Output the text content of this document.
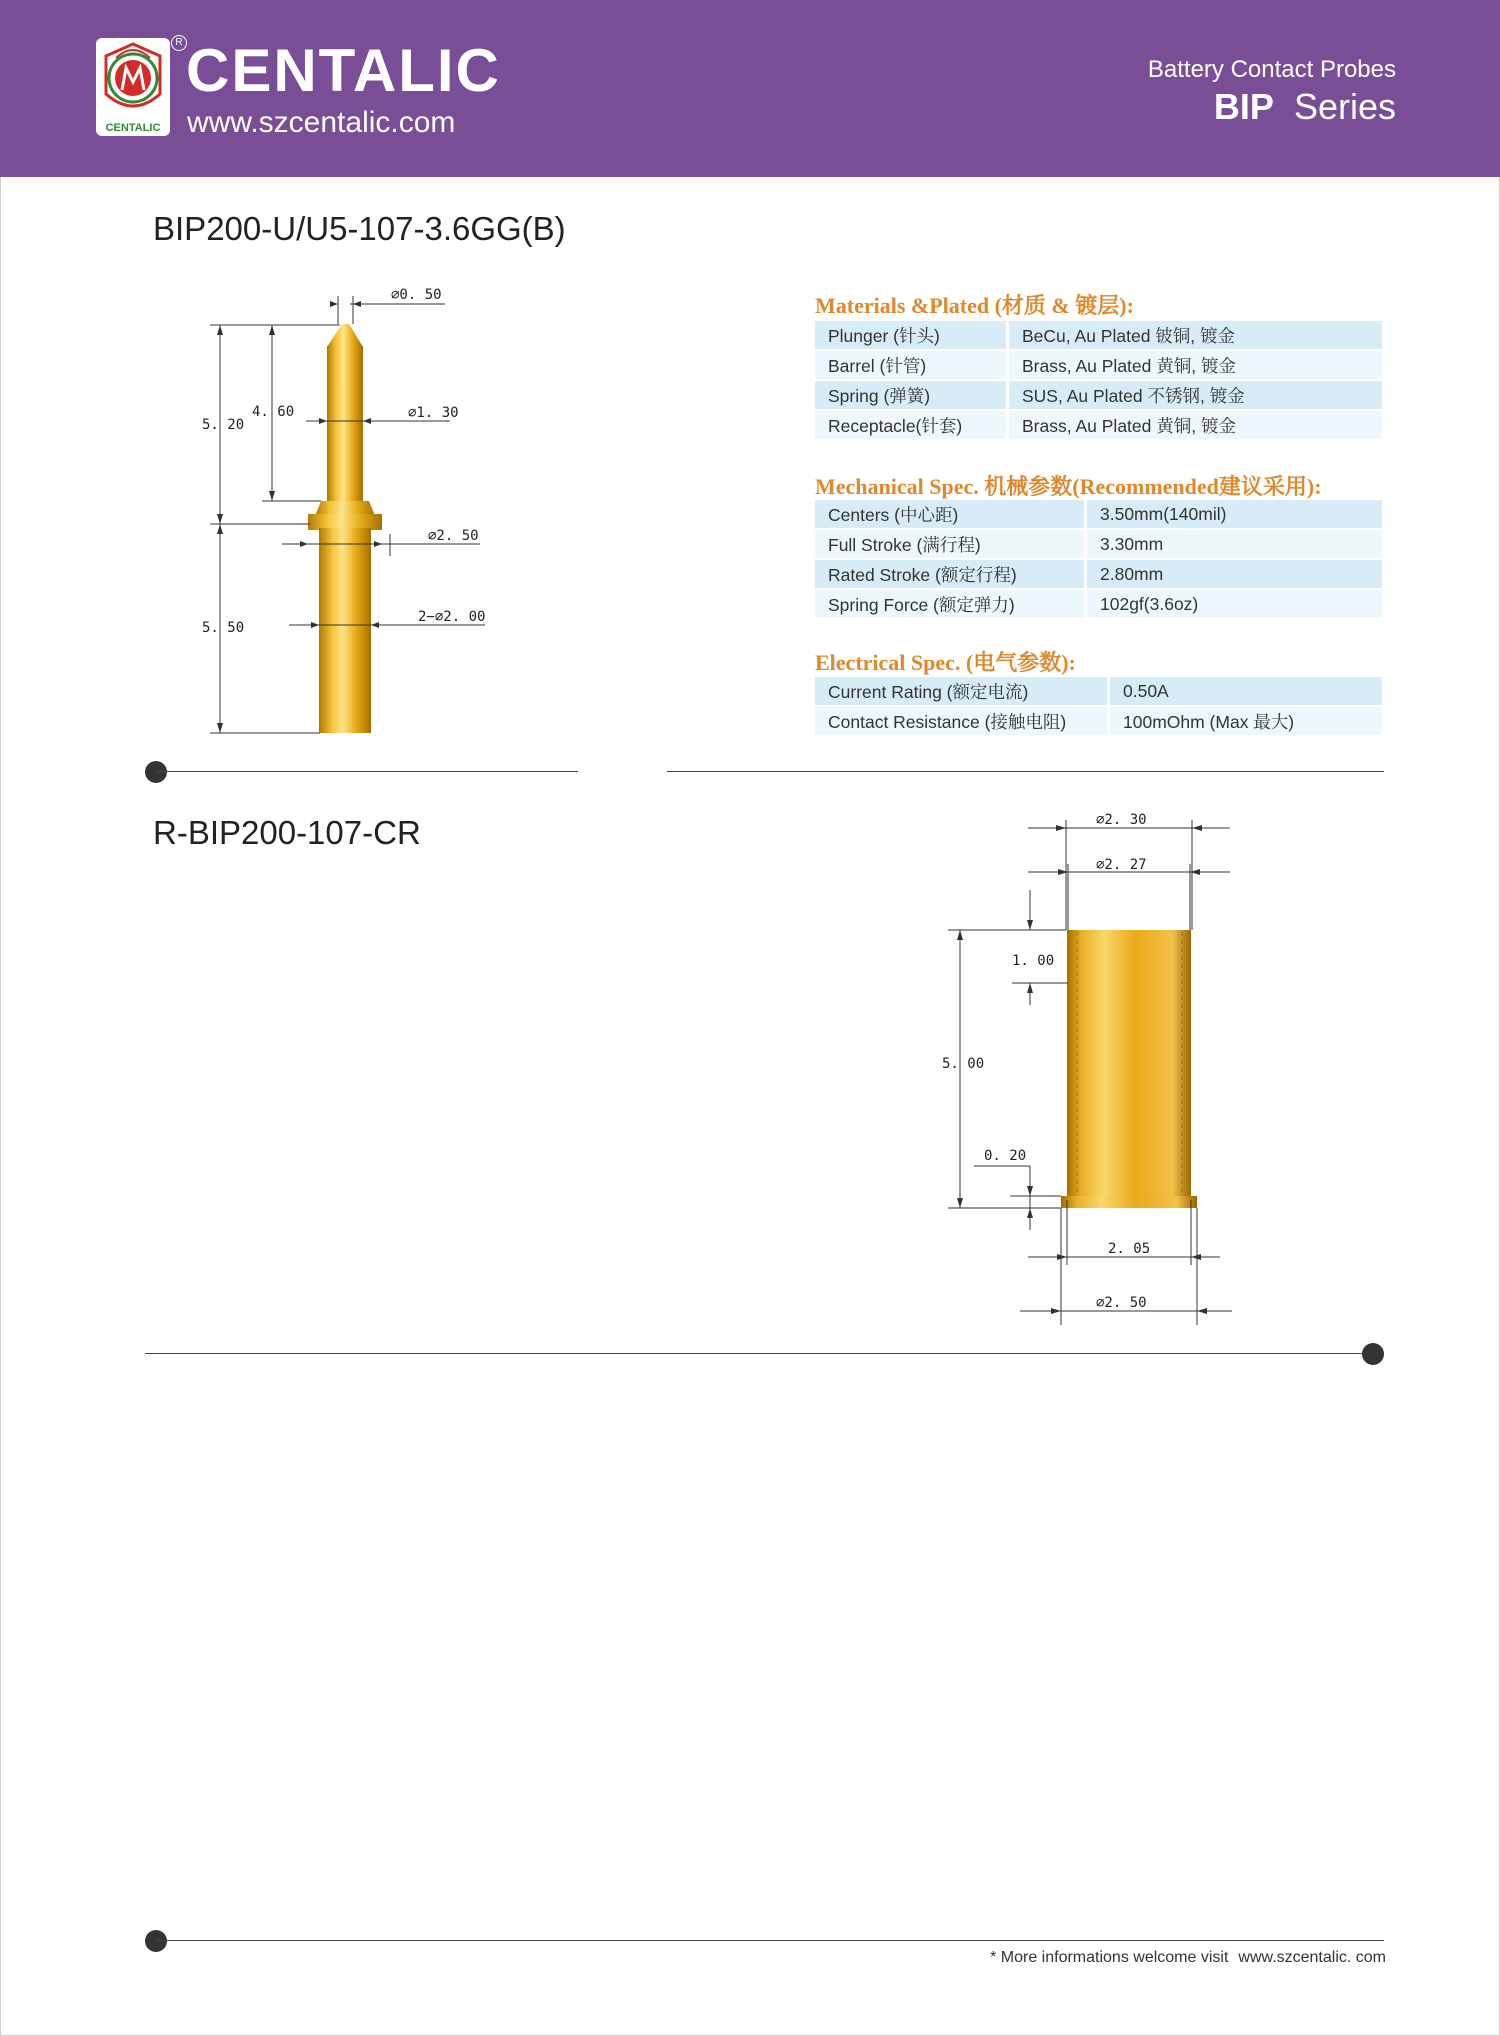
CENTALIC
R CENTALIC
www.szcentalic.com
Battery Contact Probes
BIP Series
BIP200-U/U5-107-3.6GG(B)
∅0. 50
∅1. 30
∅2. 50
2−∅2. 00
4. 60
5. 20
5. 50
Materials &Plated (材质 & 镀层):
Plunger (针头)	BeCu, Au Plated 铍铜, 镀金
Barrel (针管)	Brass, Au Plated 黄铜, 镀金
Spring (弹簧)	SUS, Au Plated 不锈钢, 镀金
Receptacle(针套)	Brass, Au Plated 黄铜, 镀金
Mechanical Spec. 机械参数(Recommended建议采用):
Centers (中心距)	3.50mm(140mil)
Full Stroke (满行程)	3.30mm
Rated Stroke (额定行程)	2.80mm
Spring Force (额定弹力)	102gf(3.6oz)
Electrical Spec. (电气参数):
Current Rating (额定电流)	0.50A
Contact Resistance (接触电阻)	100mOhm (Max 最大)
R-BIP200-107-CR	∅2. 30
∅2. 27
1. 00
5. 00
0. 20
2. 05
∅2. 50
* More informations welcome visit www.szcentalic. com
